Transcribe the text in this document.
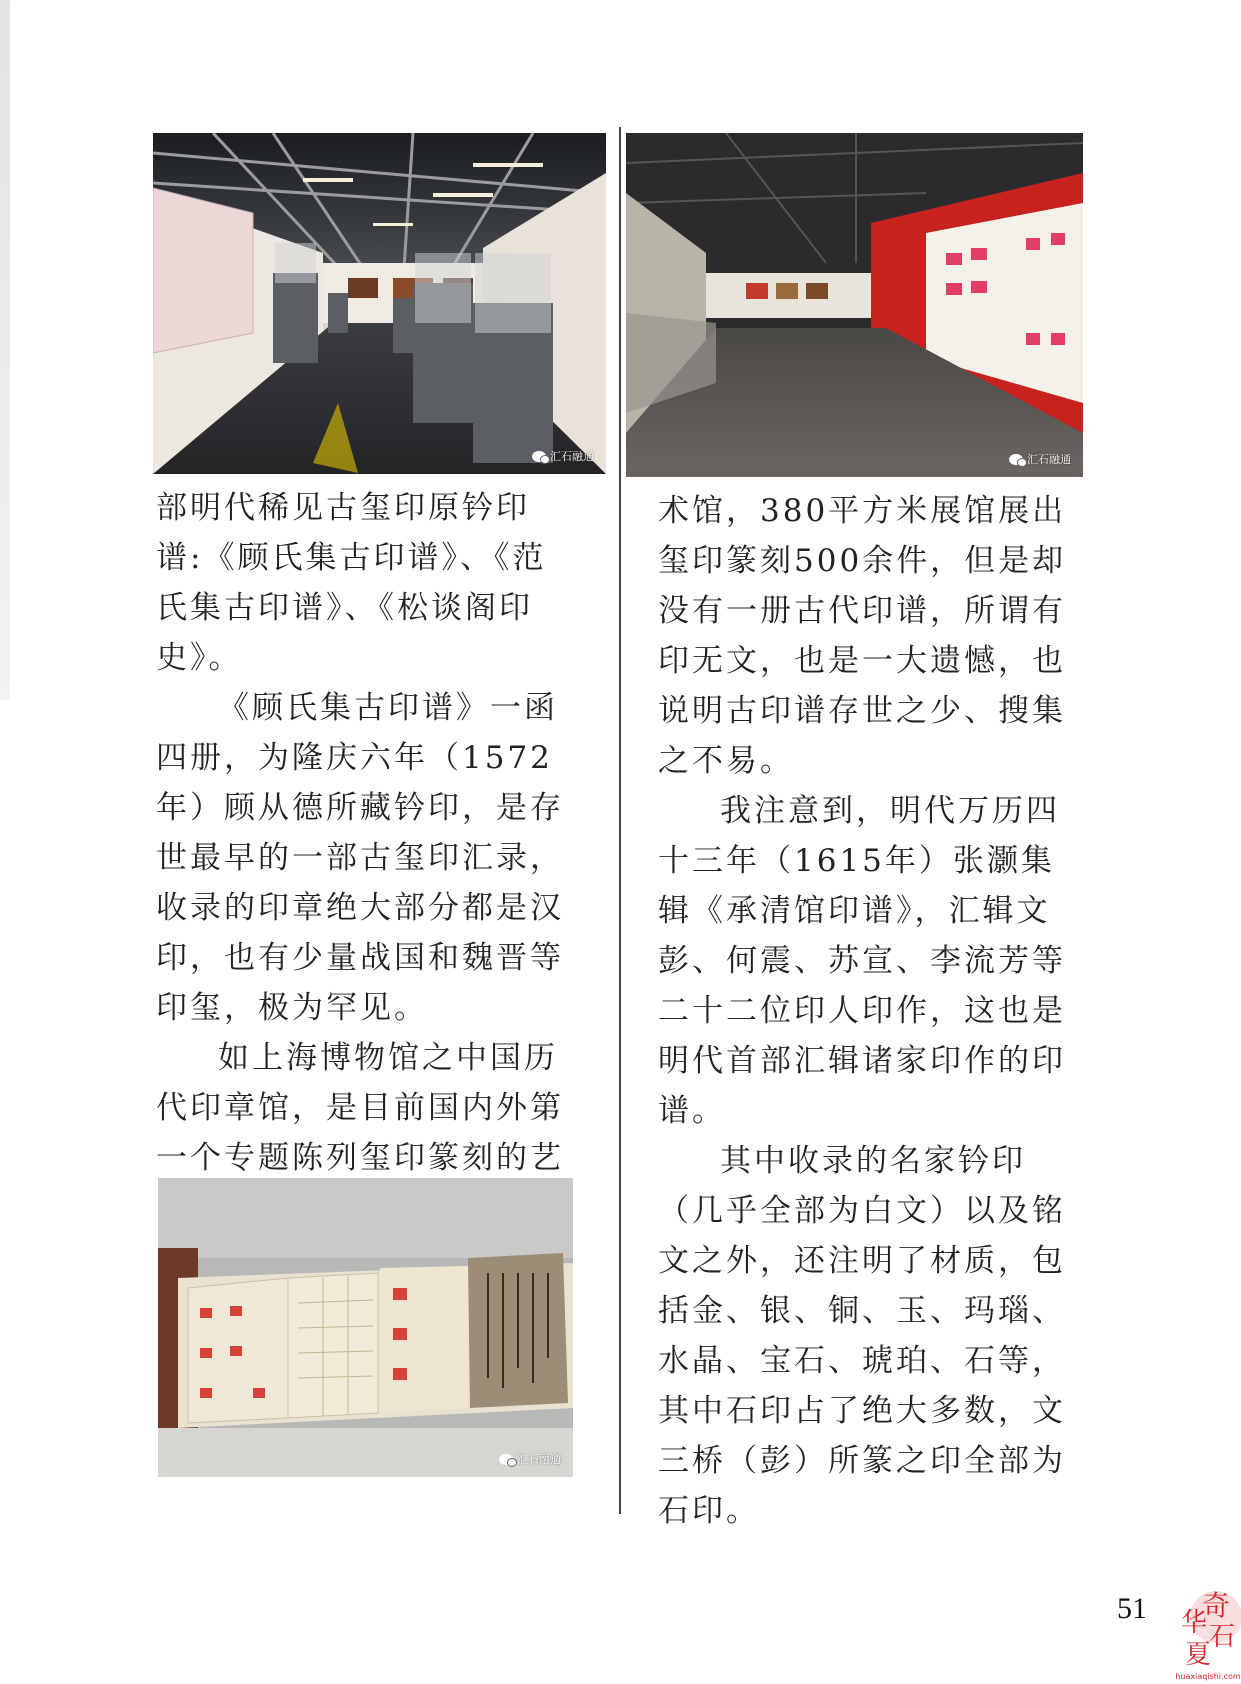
汇石融通	汇石融通
汇石融通

部明代稀见古玺印原钤印谱:《顾氏集古印谱》、《范氏集古印谱》、《松谈阁印史》。

《顾氏集古印谱》一函四册，为隆庆六年（1572年）顾从德所藏钤印，是存世最早的一部古玺印汇录，收录的印章绝大部分都是汉印，也有少量战国和魏晋等印玺，极为罕见。

如上海博物馆之中国历代印章馆，是目前国内外第一个专题陈列玺印篆刻的艺

术馆，380平方米展馆展出玺印篆刻500余件，但是却没有一册古代印谱，所谓有印无文，也是一大遗憾，也说明古印谱存世之少、搜集之不易。

我注意到，明代万历四十三年（1615年）张灏集辑《承清馆印谱》，汇辑文彭、何震、苏宣、李流芳等二十二位印人印作，这也是明代首部汇辑诸家印作的印谱。

其中收录的名家钤印（几乎全部为白文）以及铭文之外，还注明了材质，包括金、银、铜、玉、玛瑙、水晶、宝石、琥珀、石等，其中石印占了绝大多数，文三桥（彭）所篆之印全部为石印。

51 奇
华 石
夏
huaxiaqishi.com
